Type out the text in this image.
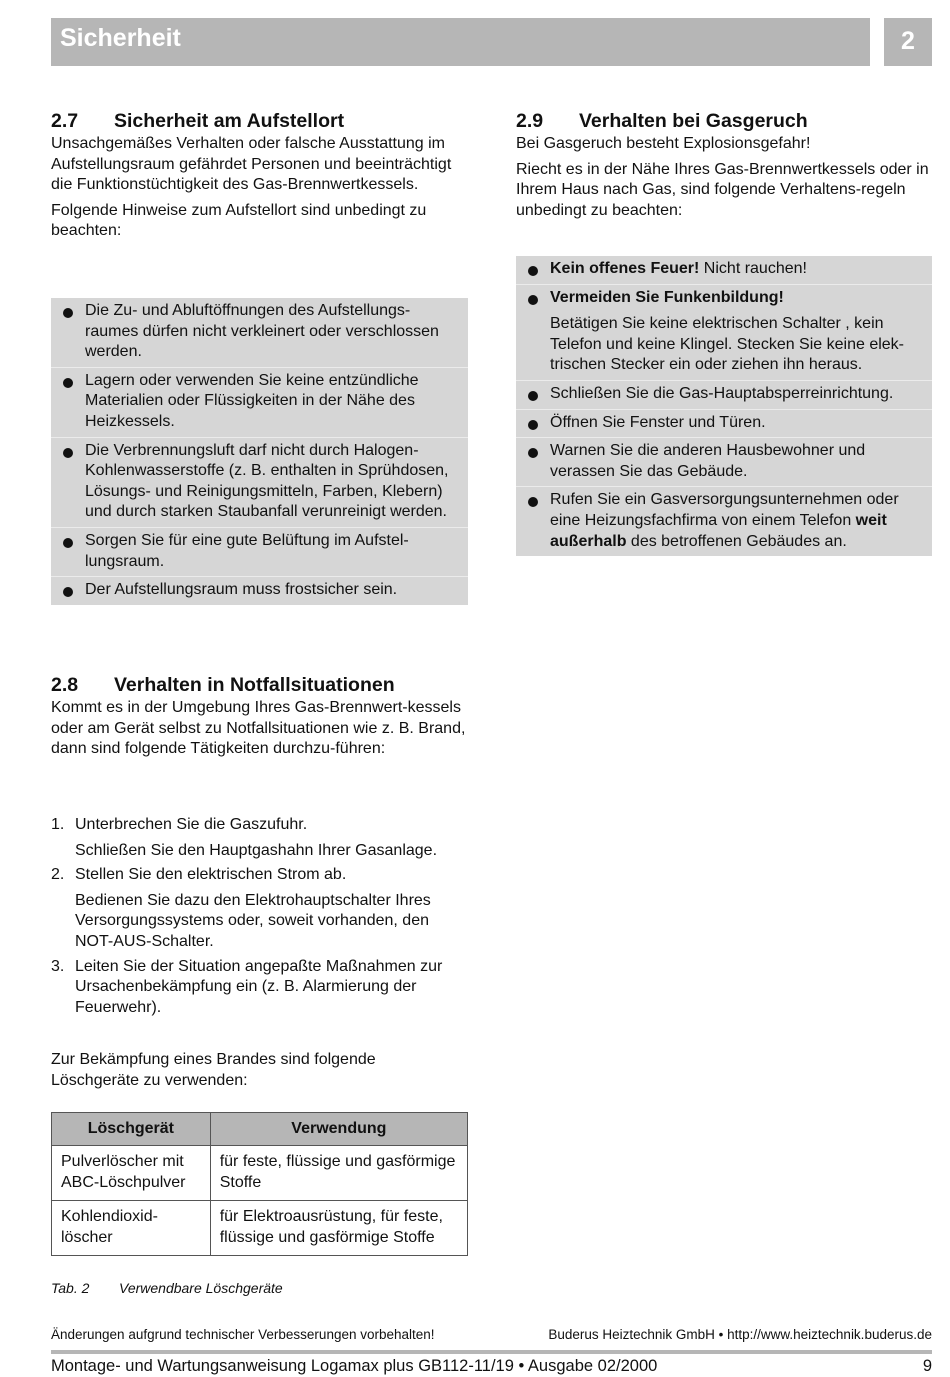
Sicherheit	2
2.7 Sicherheit am Aufstellort

Unsachgemäßes Verhalten oder falsche Ausstattung im Aufstellungsraum gefährdet Personen und beeinträchtigt die Funktionstüchtigkeit des Gas-Brennwertkessels.

Folgende Hinweise zum Aufstellort sind unbedingt zu beachten:

Die Zu- und Abluftöffnungen des Aufstellungs-raumes dürfen nicht verkleinert oder verschlossen werden.
Lagern oder verwenden Sie keine entzündliche Materialien oder Flüssigkeiten in der Nähe des Heizkessels.
Die Verbrennungsluft darf nicht durch Halogen-Kohlenwasserstoffe (z. B. enthalten in Sprühdosen, Lösungs- und Reinigungsmitteln, Farben, Klebern) und durch starken Staubanfall verunreinigt werden.
Sorgen Sie für eine gute Belüftung im Aufstel-lungsraum.
Der Aufstellungsraum muss frostsicher sein.
2.8 Verhalten in Notfallsituationen

Kommt es in der Umgebung Ihres Gas-Brennwert-kessels oder am Gerät selbst zu Notfallsituationen wie z. B. Brand, dann sind folgende Tätigkeiten durchzu-führen:

1. Unterbrechen Sie die Gaszufuhr.
Schließen Sie den Hauptgashahn Ihrer Gasanlage.
2. Stellen Sie den elektrischen Strom ab.
Bedienen Sie dazu den Elektrohauptschalter Ihres Versorgungssystems oder, soweit vorhanden, den NOT-AUS-Schalter.
3. Leiten Sie der Situation angepaßte Maßnahmen zur Ursachenbekämpfung ein (z. B. Alarmierung der Feuerwehr).

Zur Bekämpfung eines Brandes sind folgende Löschgeräte zu verwenden:

Löschgerät	Verwendung
Pulverlöscher mit ABC-Löschpulver	für feste, flüssige und gasförmige Stoffe
Kohlendioxid-löscher	für Elektroausrüstung, für feste, flüssige und gasförmige Stoffe
Tab. 2 Verwendbare Löschgeräte
2.9 Verhalten bei Gasgeruch

Bei Gasgeruch besteht Explosionsgefahr!

Riecht es in der Nähe Ihres Gas-Brennwertkessels oder in Ihrem Haus nach Gas, sind folgende Verhaltens-regeln unbedingt zu beachten:

Kein offenes Feuer! Nicht rauchen!
Vermeiden Sie Funkenbildung!
Betätigen Sie keine elektrischen Schalter , kein Telefon und keine Klingel. Stecken Sie keine elek-trischen Stecker ein oder ziehen ihn heraus.
Schließen Sie die Gas-Hauptabsperreinrichtung.
Öffnen Sie Fenster und Türen.
Warnen Sie die anderen Hausbewohner und verassen Sie das Gebäude.
Rufen Sie ein Gasversorgungsunternehmen oder eine Heizungsfachfirma von einem Telefon weit außerhalb des betroffenen Gebäudes an.
Änderungen aufgrund technischer Verbesserungen vorbehalten!	Buderus Heiztechnik GmbH • http://www.heiztechnik.buderus.de
Montage- und Wartungsanweisung Logamax plus GB112-11/19 • Ausgabe 02/2000	9
